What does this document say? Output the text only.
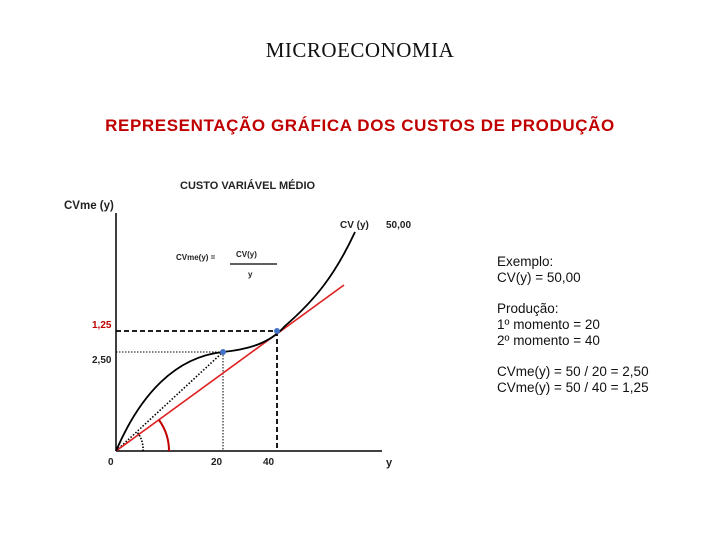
MICROECONOMIA
REPRESENTAÇÃO GRÁFICA DOS CUSTOS DE PRODUÇÃO
CUSTO VARIÁVEL MÉDIO
CVme (y)
CVme(y) =	CV(y)
y
CV (y) 50,00
1,25
2,50
0	20	40	y
Exemplo:
CV(y) = 50,00
Produção:
1º momento = 20
2º momento = 40
CVme(y) = 50 / 20 = 2,50
CVme(y) = 50 / 40 = 1,25
